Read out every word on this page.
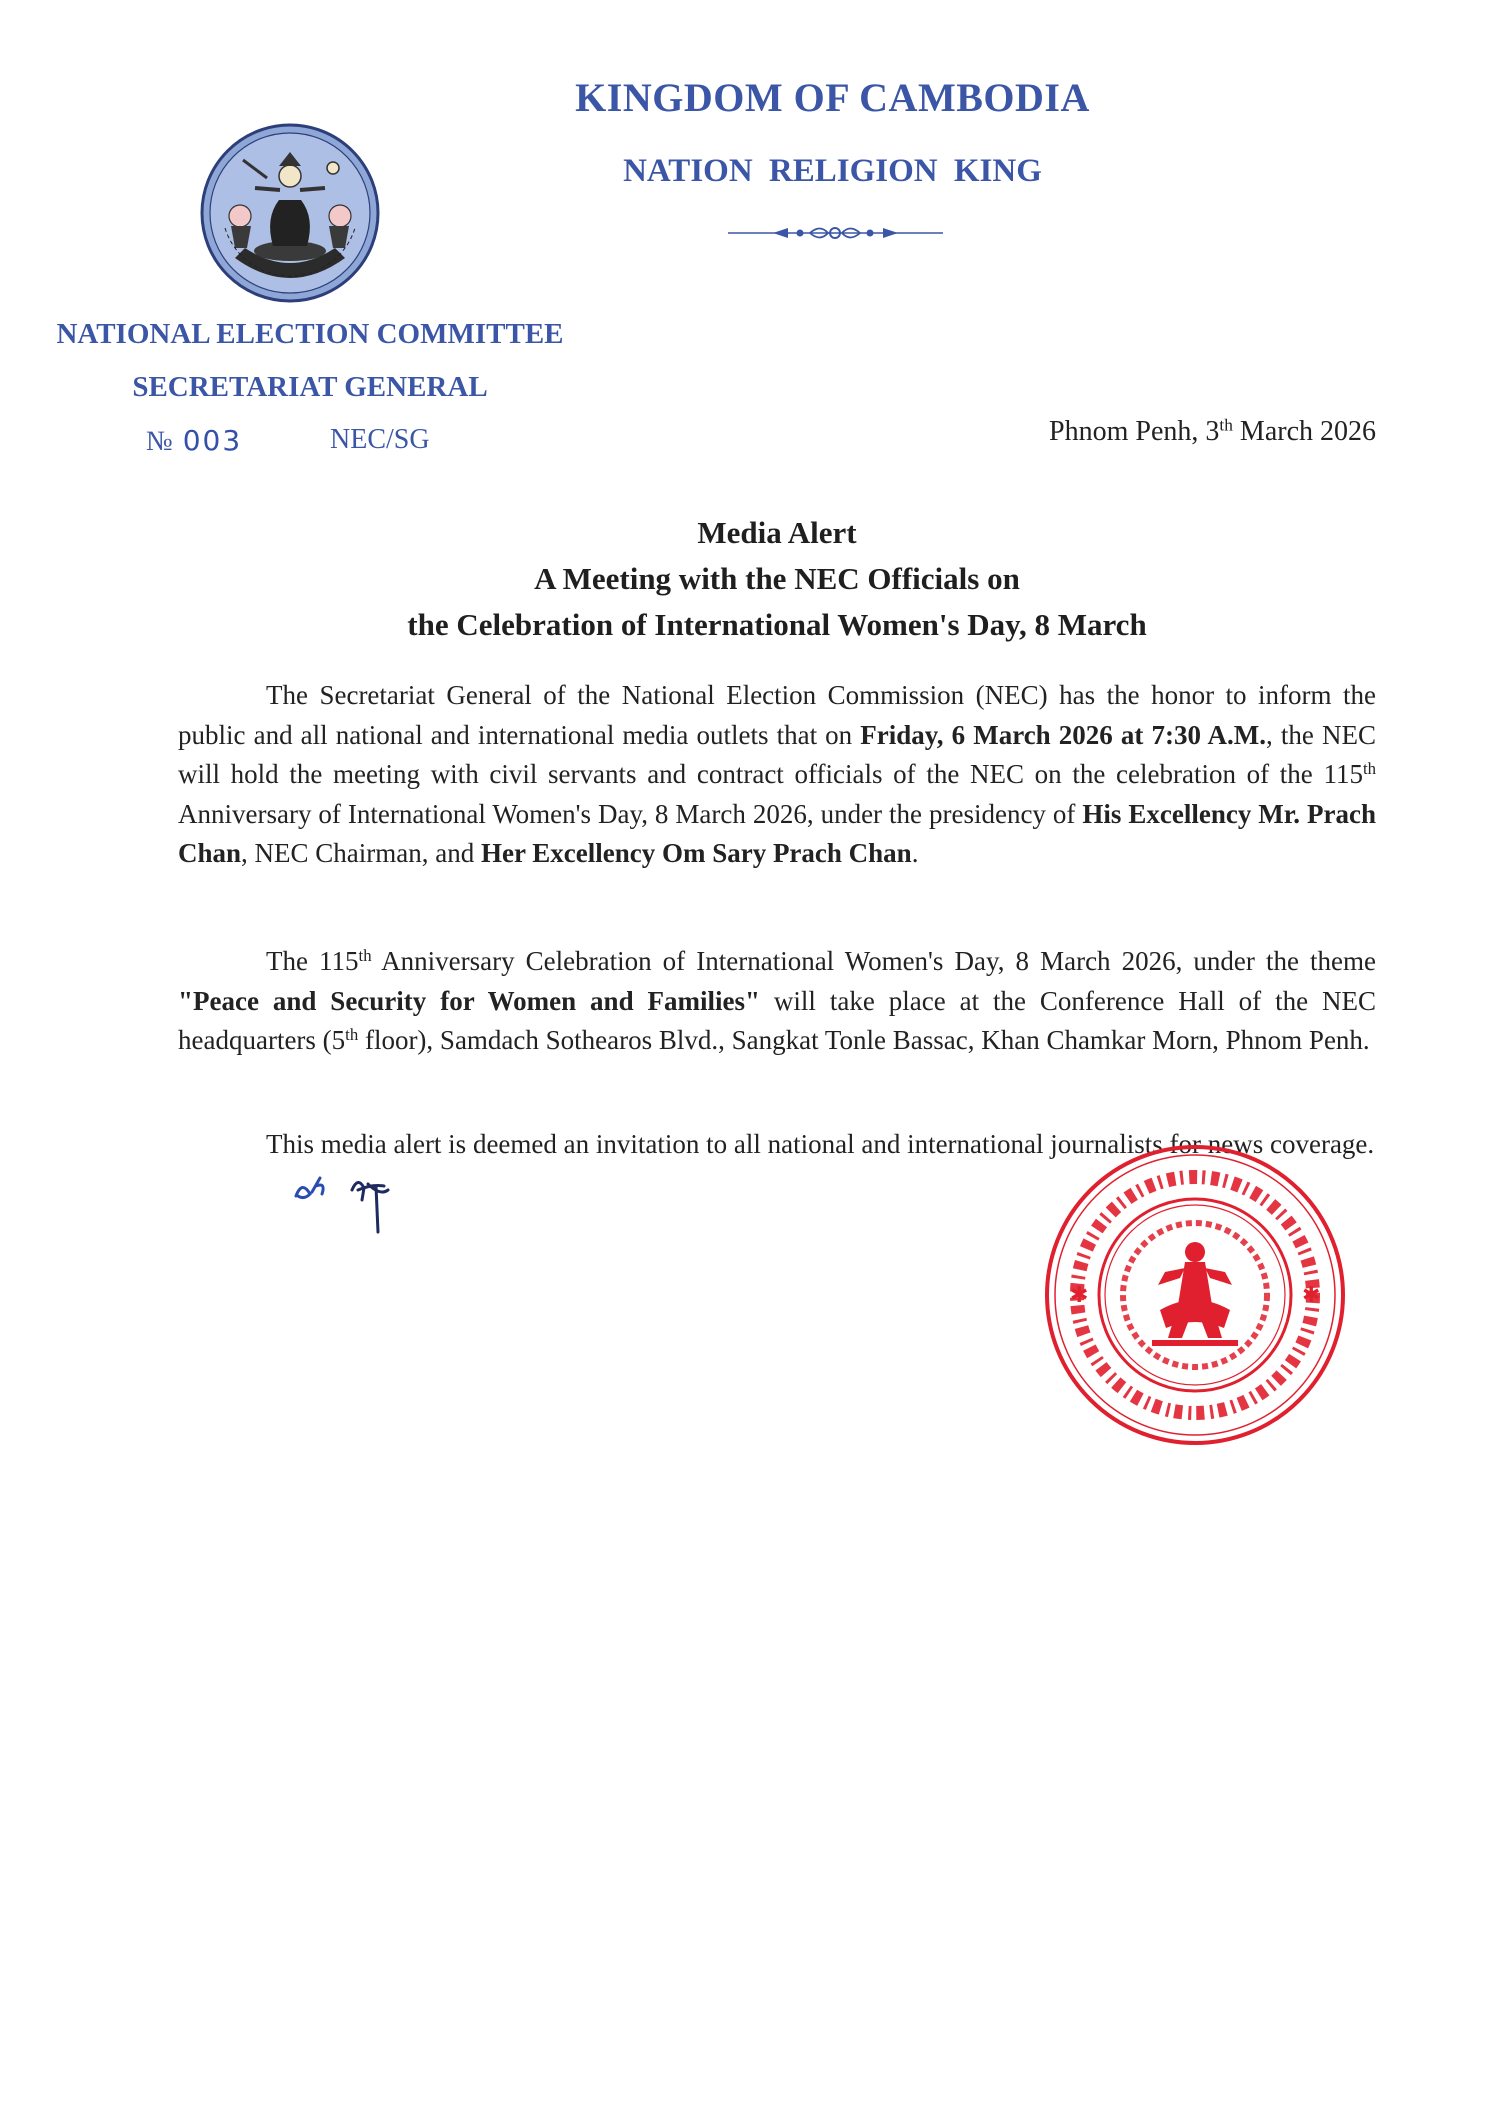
KINGDOM OF CAMBODIA
NATION RELIGION KING
NATIONAL ELECTION COMMITTEE
SECRETARIAT GENERAL
№ 003	NEC/SG	Phnom Penh, 3th March 2026
Media Alert
A Meeting with the NEC Officials on
the Celebration of International Women's Day, 8 March

The Secretariat General of the National Election Commission (NEC) has the honor to inform the public and all national and international media outlets that on Friday, 6 March 2026 at 7:30 A.M., the NEC will hold the meeting with civil servants and contract officials of the NEC on the celebration of the 115th Anniversary of International Women's Day, 8 March 2026, under the presidency of His Excellency Mr. Prach Chan, NEC Chairman, and Her Excellency Om Sary Prach Chan.

The 115th Anniversary Celebration of International Women's Day, 8 March 2026, under the theme "Peace and Security for Women and Families" will take place at the Conference Hall of the NEC headquarters (5th floor), Samdach Sothearos Blvd., Sangkat Tonle Bassac, Khan Chamkar Morn, Phnom Penh.

This media alert is deemed an invitation to all national and international journalists for news coverage.

✱	✱
